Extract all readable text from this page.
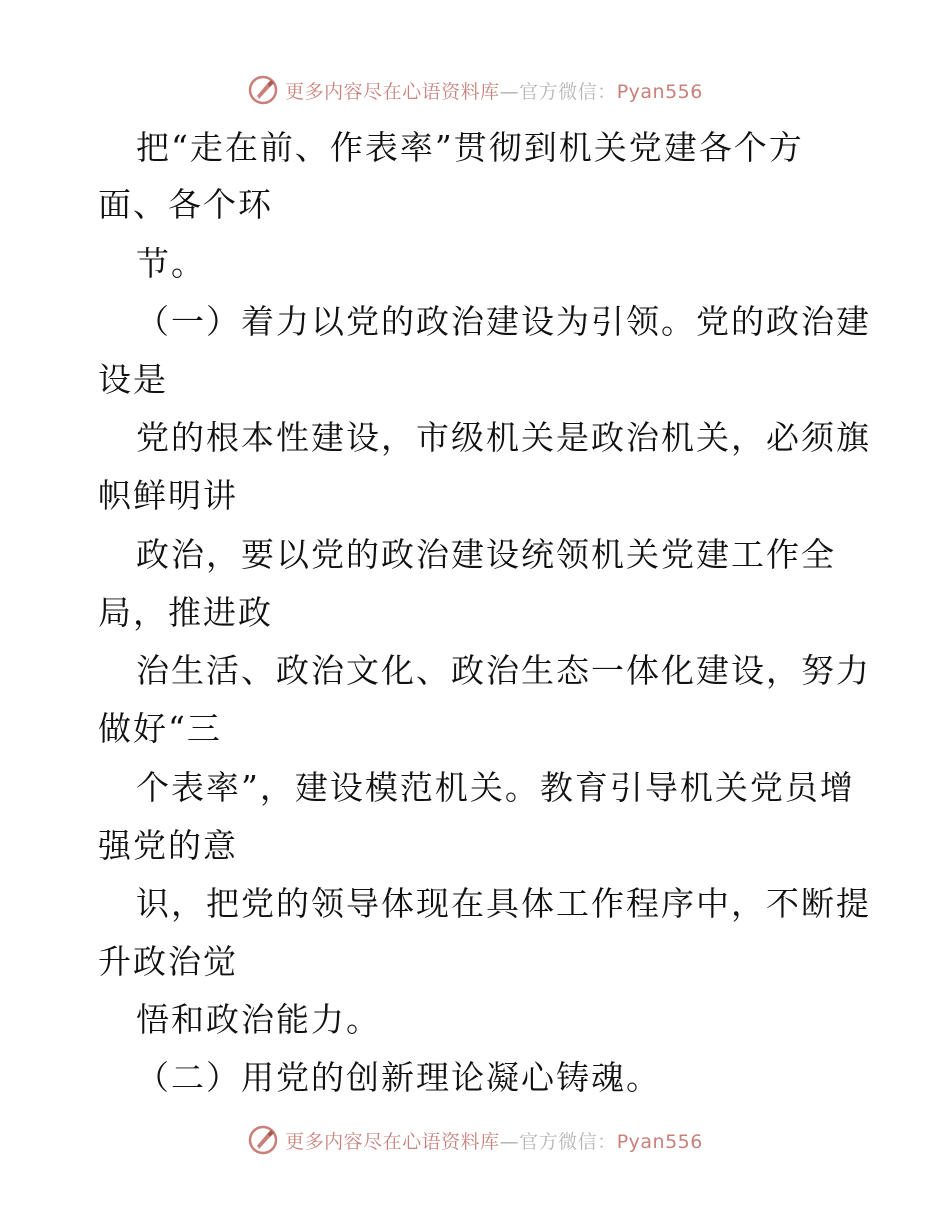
更多内容尽在心语资料库—官方微信：Pyan556
把“走在前、作表率”贯彻到机关党建各个方
面、各个环
节。
（一）着力以党的政治建设为引领。党的政治建
设是
党的根本性建设，市级机关是政治机关，必须旗
帜鲜明讲
政治，要以党的政治建设统领机关党建工作全
局，推进政
治生活、政治文化、政治生态一体化建设，努力
做好“三
个表率”，建设模范机关。教育引导机关党员增
强党的意
识，把党的领导体现在具体工作程序中，不断提
升政治觉
悟和政治能力。
（二）用党的创新理论凝心铸魂。
更多内容尽在心语资料库—官方微信：Pyan556
